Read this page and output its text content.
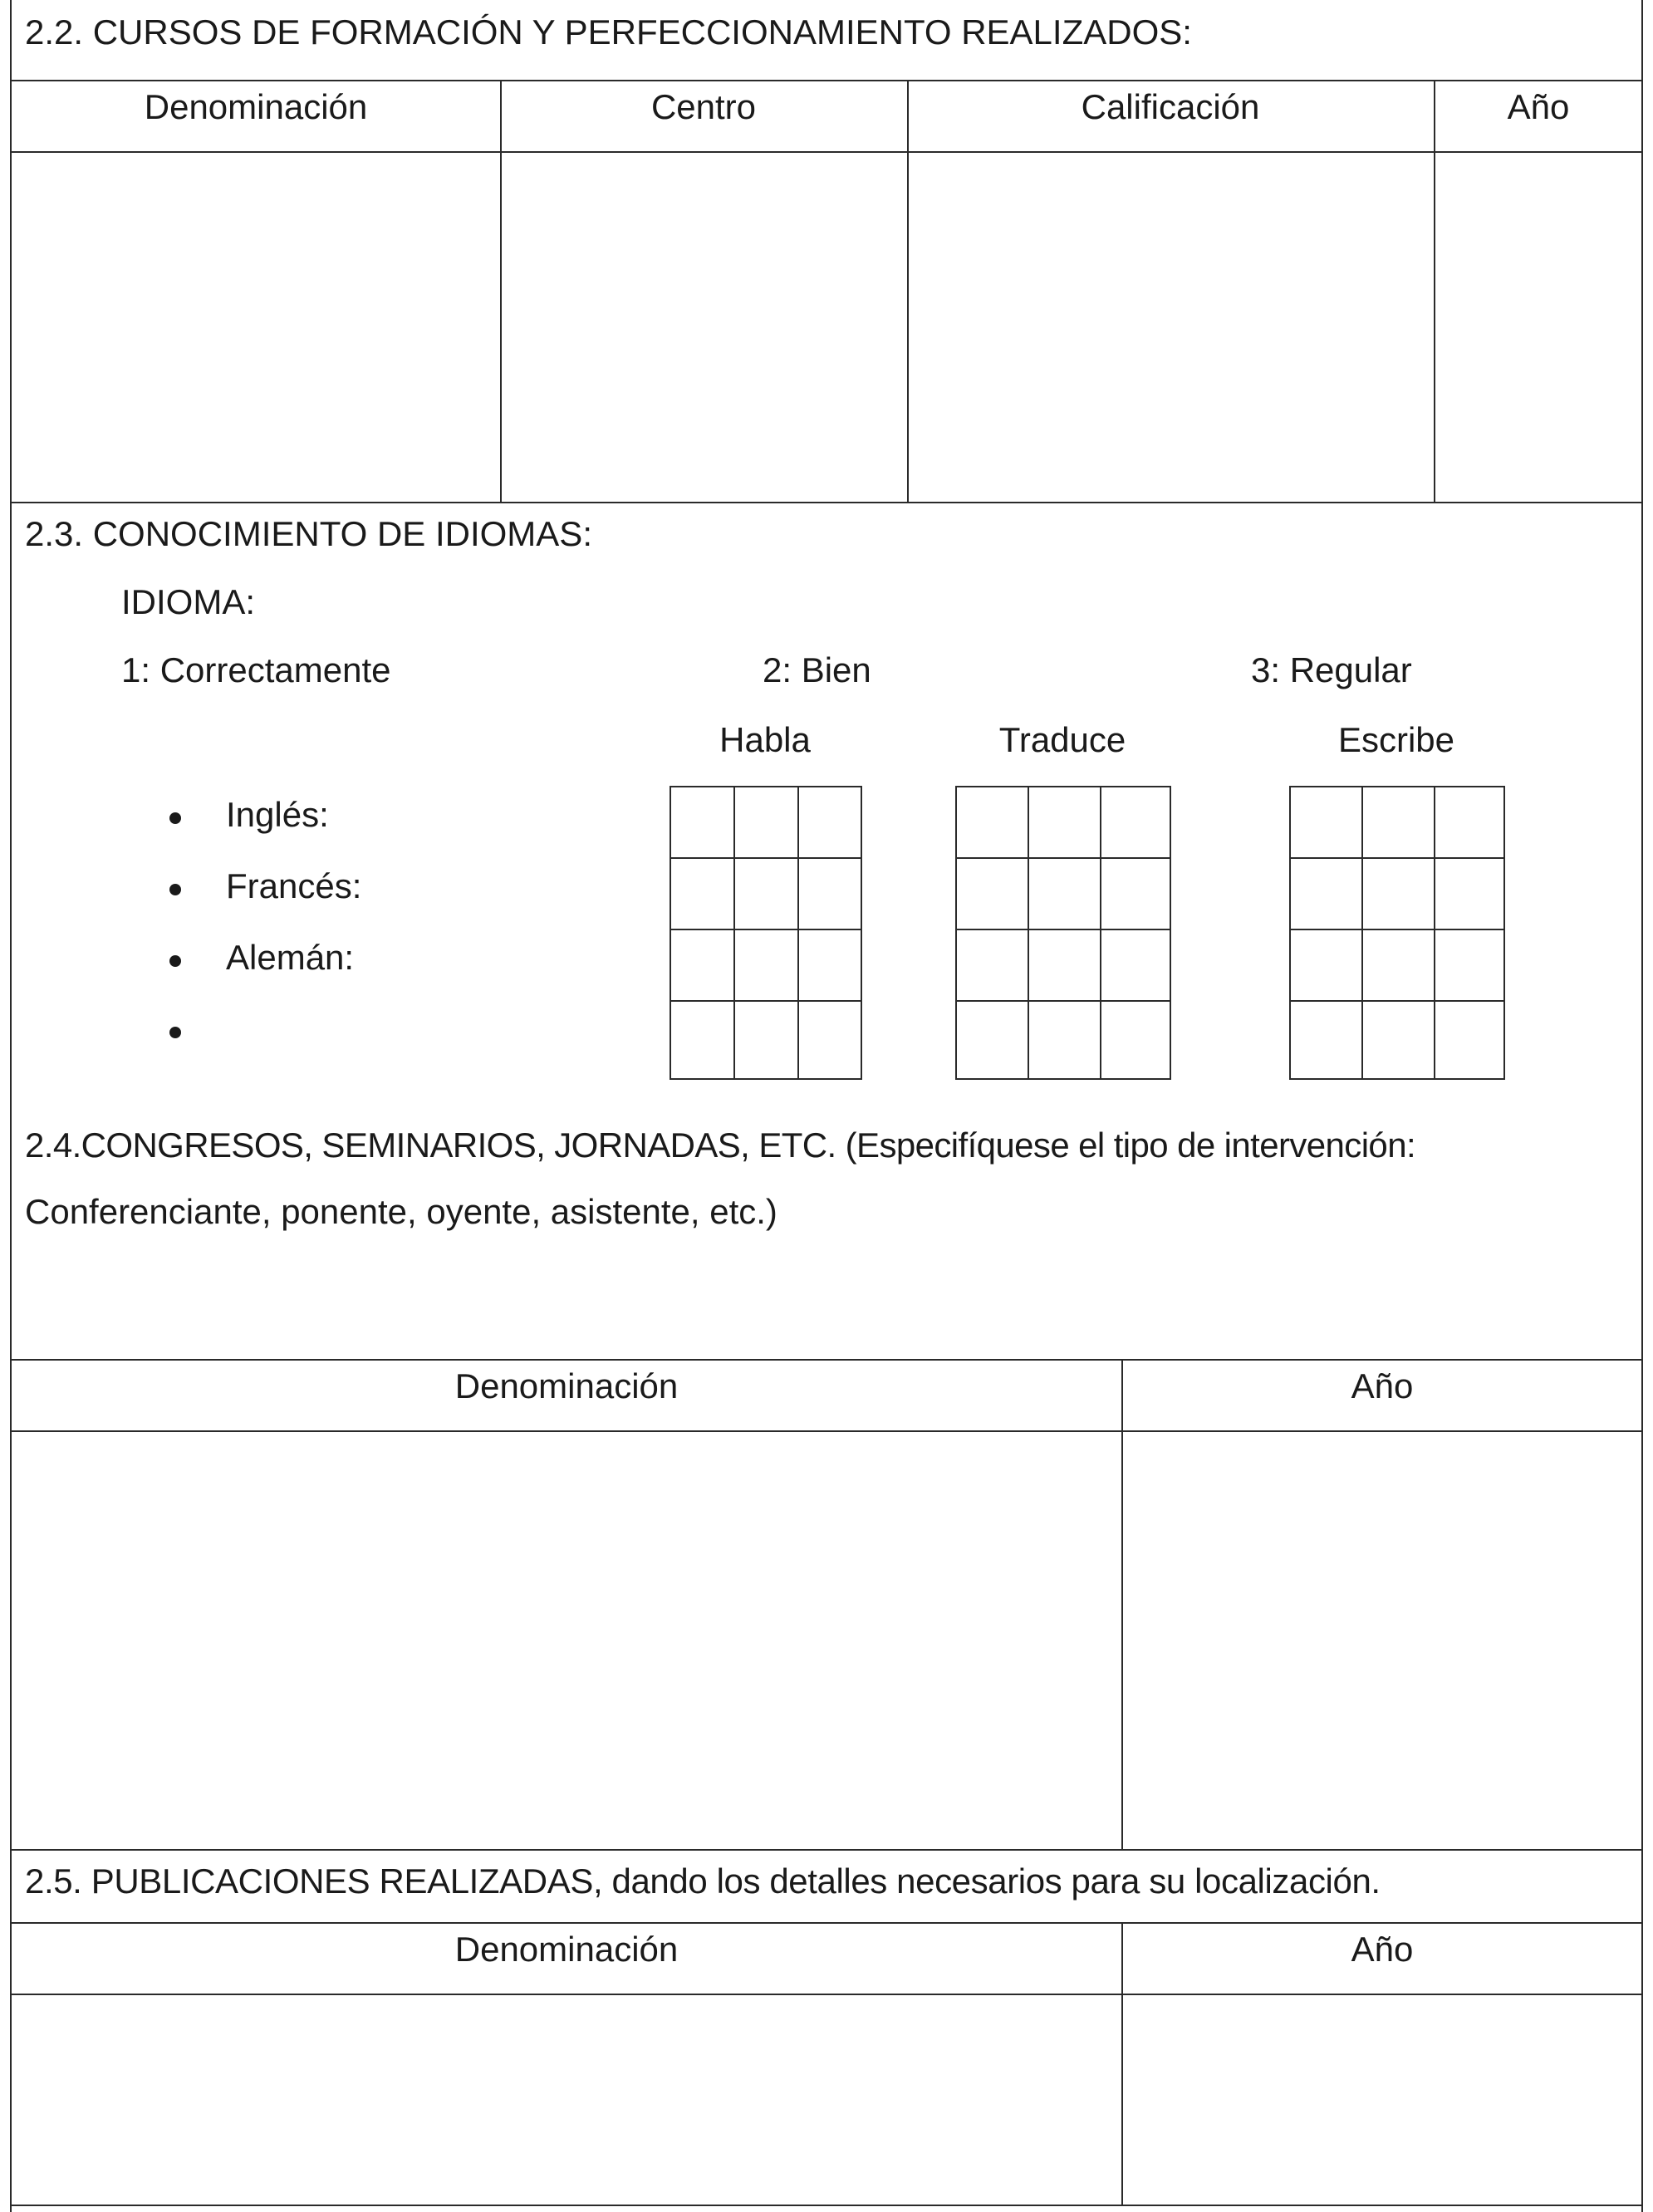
2.2. CURSOS DE FORMACIÓN Y PERFECCIONAMIENTO REALIZADOS:
Denominación	Centro	Calificación	Año
2.3. CONOCIMIENTO DE IDIOMAS:
IDIOMA:
1: Correctamente	2: Bien	3: Regular
Habla	Traduce	Escribe
Inglés:
Francés:
Alemán:
2.4.CONGRESOS, SEMINARIOS, JORNADAS, ETC. (Especifíquese el tipo de intervención:
Conferenciante, ponente, oyente, asistente, etc.)
Denominación	Año
2.5. PUBLICACIONES REALIZADAS, dando los detalles necesarios para su localización.
Denominación	Año
